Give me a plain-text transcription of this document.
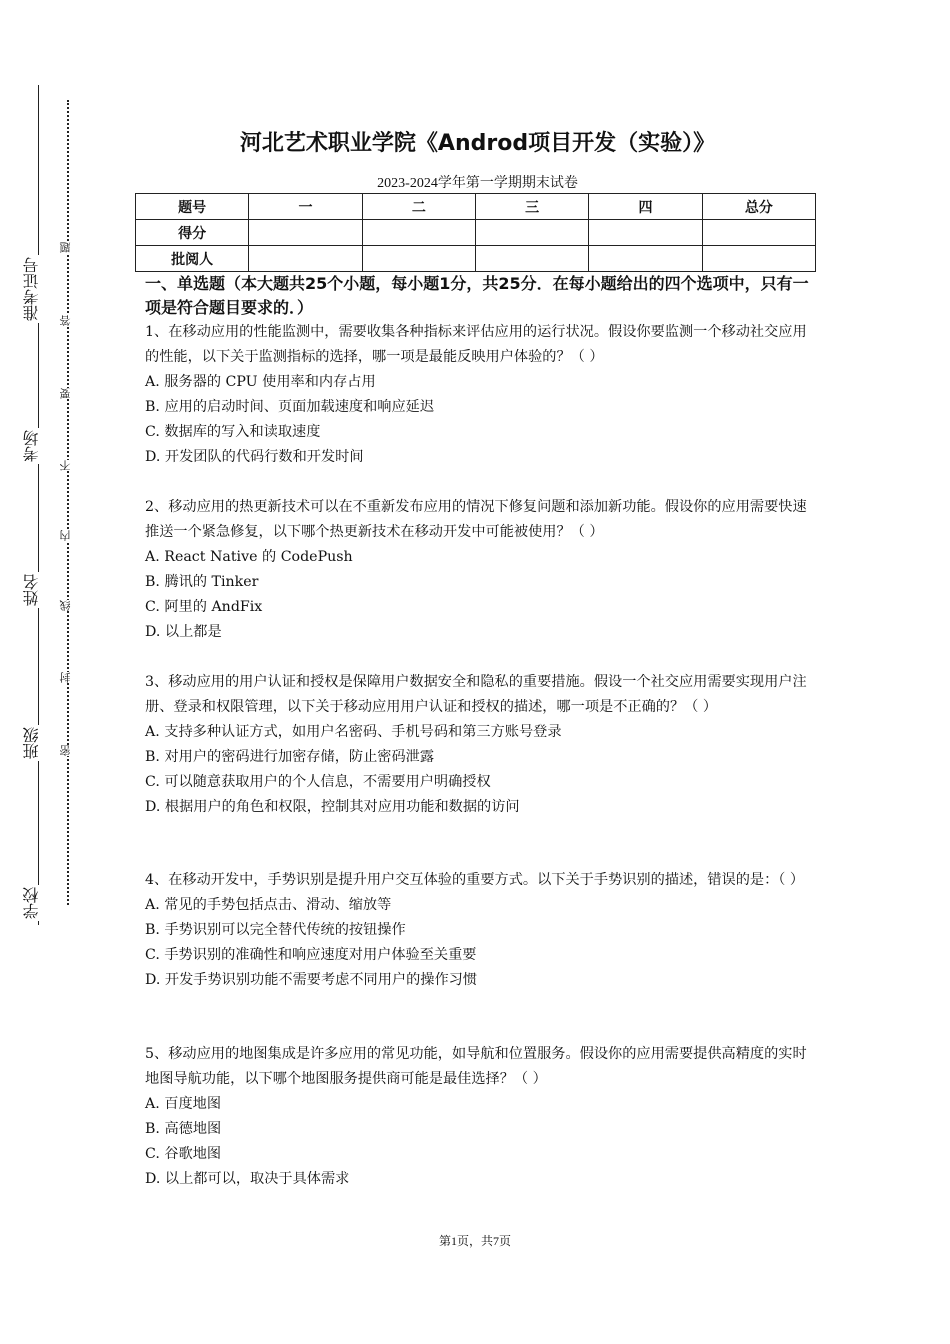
准考证号
考场
姓名
班级
学校
题
答
要
不
内
线
封
密
河北艺术职业学院《Androd项目开发（实验）》
2023-2024学年第一学期期末试卷
题号	一	二	三	四	总分
得分					
批阅人					
一、单选题（本大题共25个小题，每小题1分，共25分．在每小题给出的四个选项中，只有一项是符合题目要求的．）

1、在移动应用的性能监测中，需要收集各种指标来评估应用的运行状况。假设你要监测一个移动社交应用的性能，以下关于监测指标的选择，哪一项是最能反映用户体验的？（ ）

A. 服务器的 CPU 使用率和内存占用

B. 应用的启动时间、页面加载速度和响应延迟

C. 数据库的写入和读取速度

D. 开发团队的代码行数和开发时间

2、移动应用的热更新技术可以在不重新发布应用的情况下修复问题和添加新功能。假设你的应用需要快速推送一个紧急修复，以下哪个热更新技术在移动开发中可能被使用？（ ）

A. React Native 的 CodePush

B. 腾讯的 Tinker

C. 阿里的 AndFix

D. 以上都是

3、移动应用的用户认证和授权是保障用户数据安全和隐私的重要措施。假设一个社交应用需要实现用户注册、登录和权限管理，以下关于移动应用用户认证和授权的描述，哪一项是不正确的？（ ）

A. 支持多种认证方式，如用户名密码、手机号码和第三方账号登录

B. 对用户的密码进行加密存储，防止密码泄露

C. 可以随意获取用户的个人信息，不需要用户明确授权

D. 根据用户的角色和权限，控制其对应用功能和数据的访问

4、在移动开发中，手势识别是提升用户交互体验的重要方式。以下关于手势识别的描述，错误的是：（ ）

A. 常见的手势包括点击、滑动、缩放等

B. 手势识别可以完全替代传统的按钮操作

C. 手势识别的准确性和响应速度对用户体验至关重要

D. 开发手势识别功能不需要考虑不同用户的操作习惯

5、移动应用的地图集成是许多应用的常见功能，如导航和位置服务。假设你的应用需要提供高精度的实时地图导航功能，以下哪个地图服务提供商可能是最佳选择？（ ）

A. 百度地图

B. 高德地图

C. 谷歌地图

D. 以上都可以，取决于具体需求

第1页，共7页
